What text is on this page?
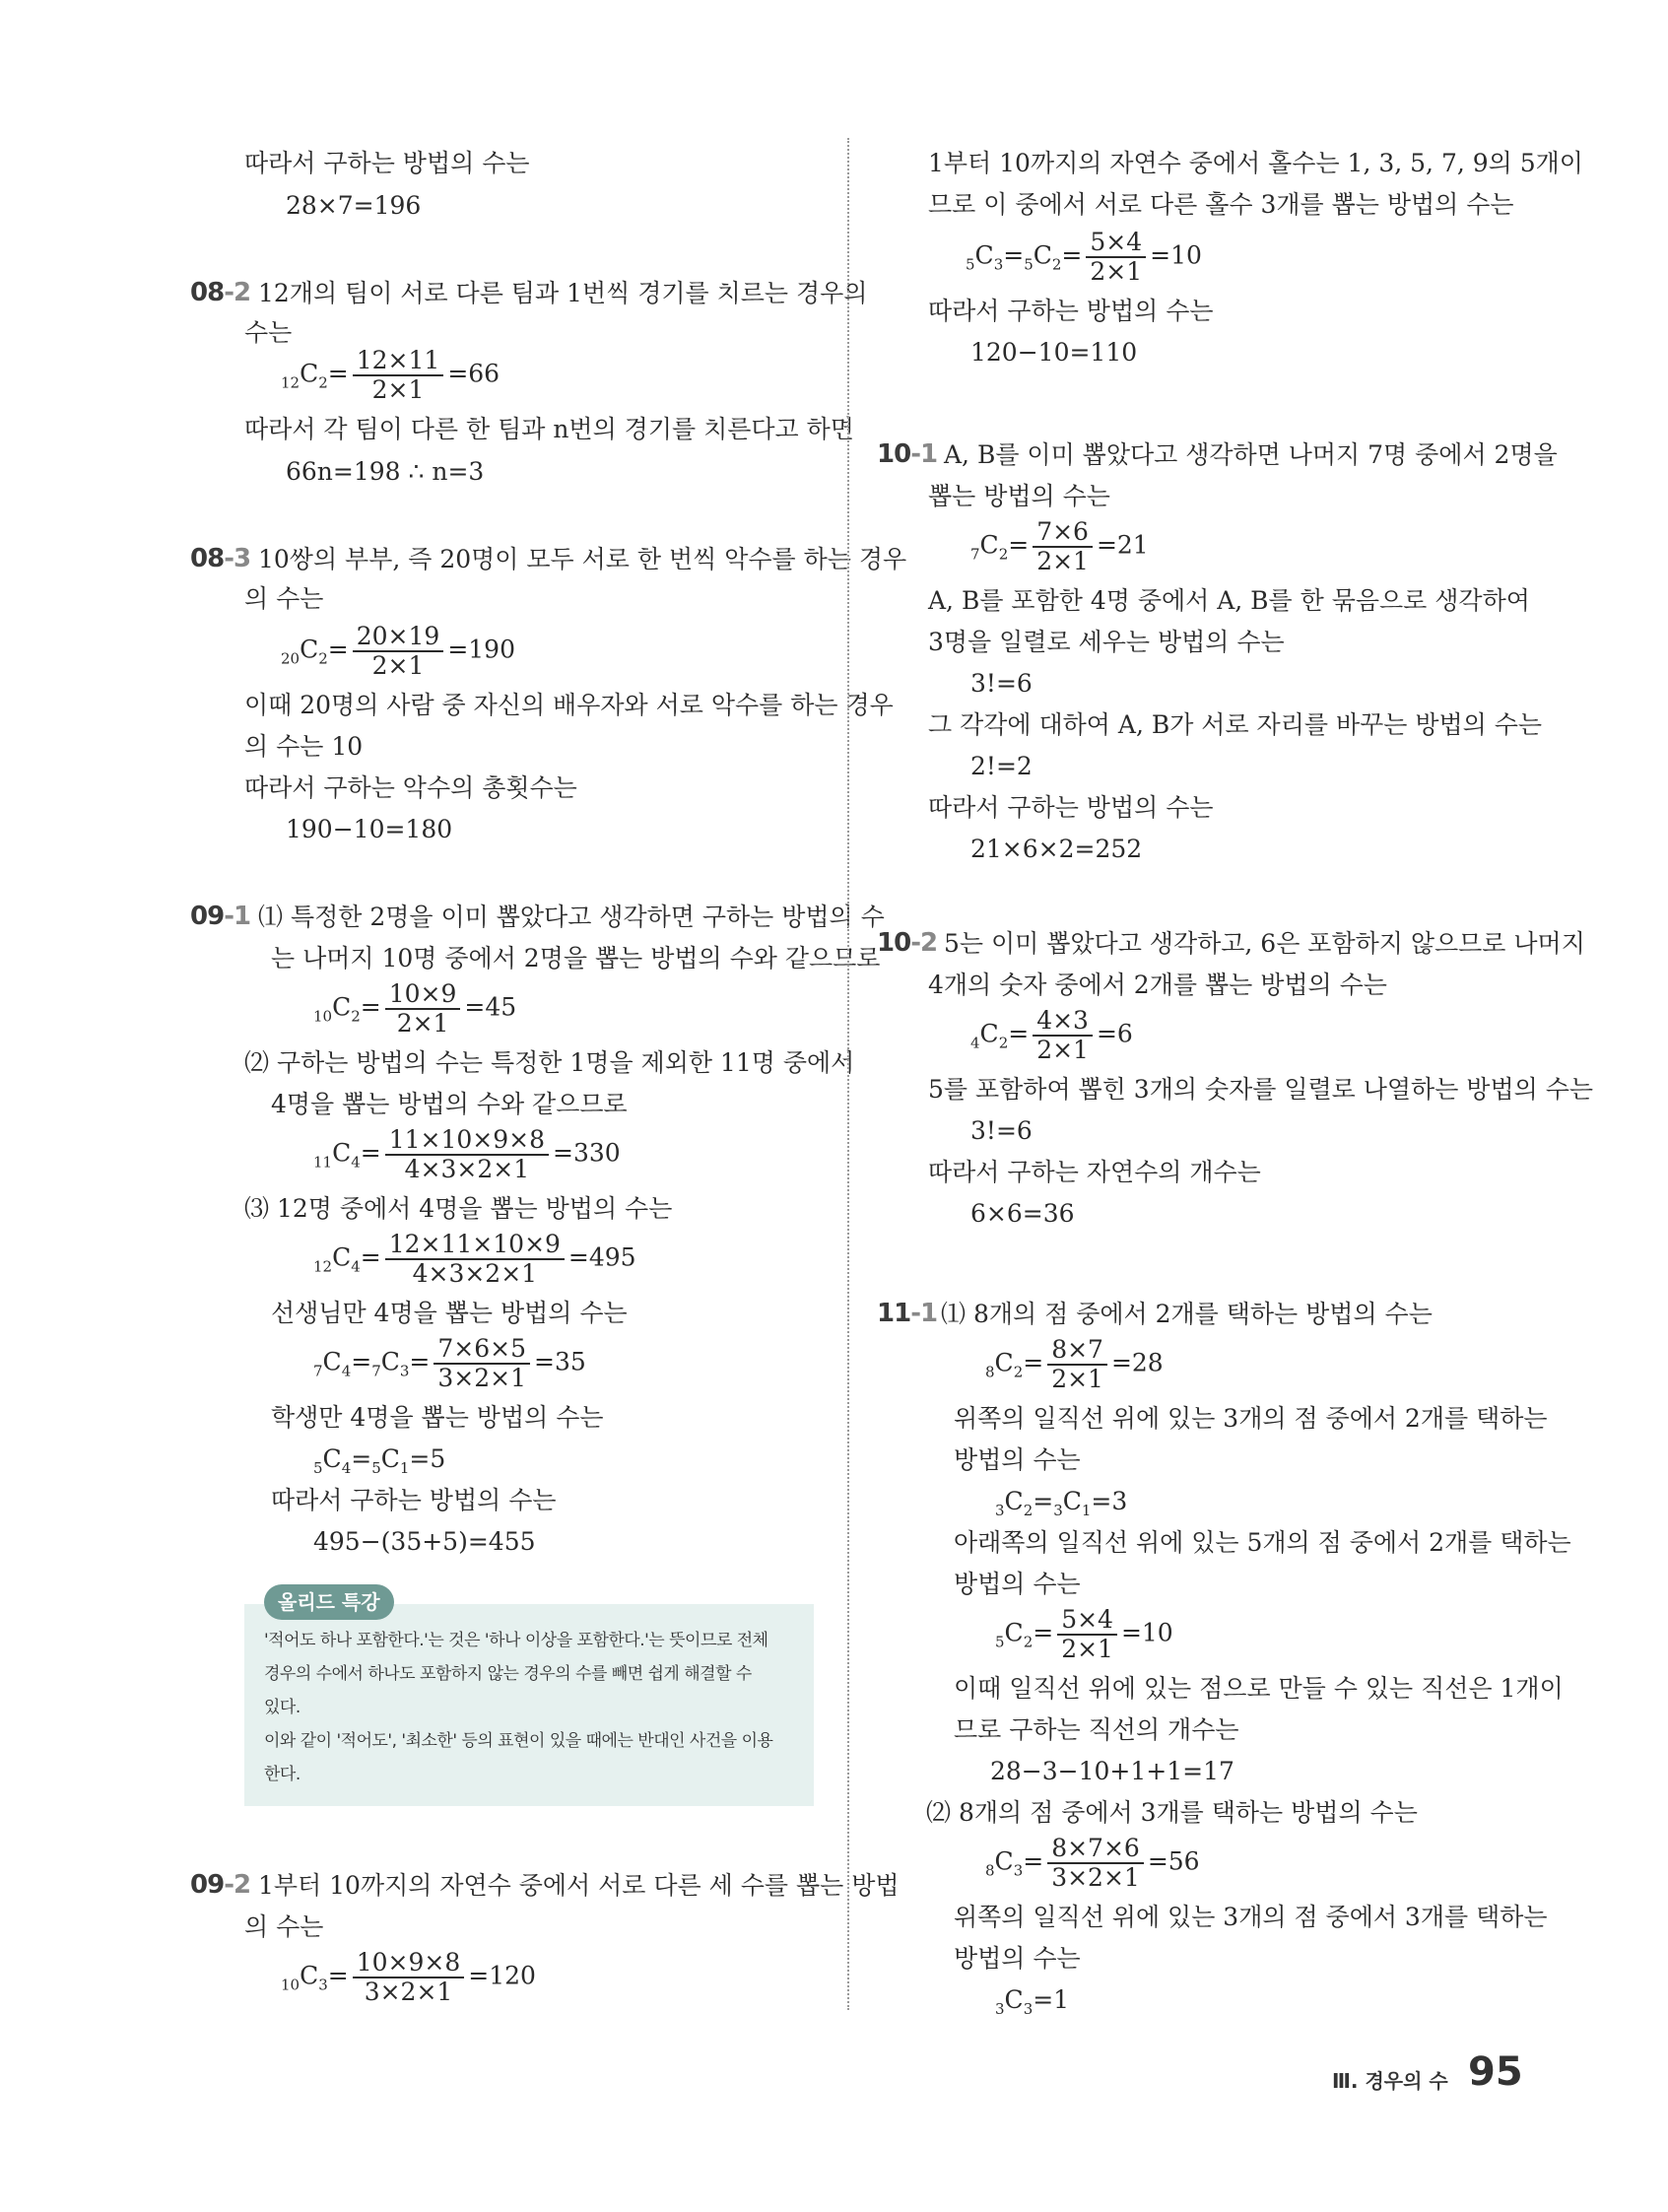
따라서 구하는 방법의 수는
28×7=196
08-2 12개의 팀이 서로 다른 팀과 1번씩 경기를 치르는 경우의
수는
$_{12}C_2= \frac{12\times 11}{2\times 1} =66$
따라서 각 팀이 다른 한 팀과 n번의 경기를 치른다고 하면
66n=198 ∴ n=3
08-3 10쌍의 부부, 즉 20명이 모두 서로 한 번씩 악수를 하는 경우
의 수는
$_{20}C_2= \frac{20\times 19}{2\times 1} =190$
이때 20명의 사람 중 자신의 배우자와 서로 악수를 하는 경우
의 수는 10
따라서 구하는 악수의 총횟수는
190−10=180
09-1 ⑴ 특정한 2명을 이미 뽑았다고 생각하면 구하는 방법의 수
는 나머지 10명 중에서 2명을 뽑는 방법의 수와 같으므로
$_{10}C_2= \frac{10\times 9}{2\times 1} =45$
⑵ 구하는 방법의 수는 특정한 1명을 제외한 11명 중에서
4명을 뽑는 방법의 수와 같으므로
$_{11}C_4= \frac{11\times 10\times 9\times 8}{4\times 3\times 2\times 1} =330$
⑶ 12명 중에서 4명을 뽑는 방법의 수는
$_{12}C_4= \frac{12\times 11\times 10\times 9}{4\times 3\times 2\times 1} =495$
선생님만 4명을 뽑는 방법의 수는
$_7C_4=_7C_3= \frac{7\times 6\times 5}{3\times 2\times 1} =35$
학생만 4명을 뽑는 방법의 수는
$_5C_4=_5C_1=5$
따라서 구하는 방법의 수는
495−(35+5)=455
올리드 특강
'적어도 하나 포함한다.'는 것은 '하나 이상을 포함한다.'는 뜻이므로 전체
경우의 수에서 하나도 포함하지 않는 경우의 수를 빼면 쉽게 해결할 수
있다.
이와 같이 '적어도', '최소한' 등의 표현이 있을 때에는 반대인 사건을 이용
한다.
09-2 1부터 10까지의 자연수 중에서 서로 다른 세 수를 뽑는 방법
의 수는
$_{10}C_3= \frac{10\times 9\times 8}{3\times 2\times 1} =120$
1부터 10까지의 자연수 중에서 홀수는 1, 3, 5, 7, 9의 5개이
므로 이 중에서 서로 다른 홀수 3개를 뽑는 방법의 수는
$_5C_3=_5C_2= \frac{5\times 4}{2\times 1} =10$
따라서 구하는 방법의 수는
120−10=110
10-1 A, B를 이미 뽑았다고 생각하면 나머지 7명 중에서 2명을
뽑는 방법의 수는
$_7C_2= \frac{7\times 6}{2\times 1} =21$
A, B를 포함한 4명 중에서 A, B를 한 묶음으로 생각하여
3명을 일렬로 세우는 방법의 수는
3!=6
그 각각에 대하여 A, B가 서로 자리를 바꾸는 방법의 수는
2!=2
따라서 구하는 방법의 수는
21×6×2=252
10-2 5는 이미 뽑았다고 생각하고, 6은 포함하지 않으므로 나머지
4개의 숫자 중에서 2개를 뽑는 방법의 수는
$_4C_2= \frac{4\times 3}{2\times 1} =6$
5를 포함하여 뽑힌 3개의 숫자를 일렬로 나열하는 방법의 수는
3!=6
따라서 구하는 자연수의 개수는
6×6=36
11-1 ⑴ 8개의 점 중에서 2개를 택하는 방법의 수는
$_8C_2= \frac{8\times 7}{2\times 1} =28$
위쪽의 일직선 위에 있는 3개의 점 중에서 2개를 택하는
방법의 수는
$_3C_2=_3C_1=3$
아래쪽의 일직선 위에 있는 5개의 점 중에서 2개를 택하는
방법의 수는
$_5C_2= \frac{5\times 4}{2\times 1} =10$
이때 일직선 위에 있는 점으로 만들 수 있는 직선은 1개이
므로 구하는 직선의 개수는
28−3−10+1+1=17
⑵ 8개의 점 중에서 3개를 택하는 방법의 수는
$_8C_3= \frac{8\times 7\times 6}{3\times 2\times 1} =56$
위쪽의 일직선 위에 있는 3개의 점 중에서 3개를 택하는
방법의 수는
$_3C_3=1$
Ⅲ. 경우의 수 95
